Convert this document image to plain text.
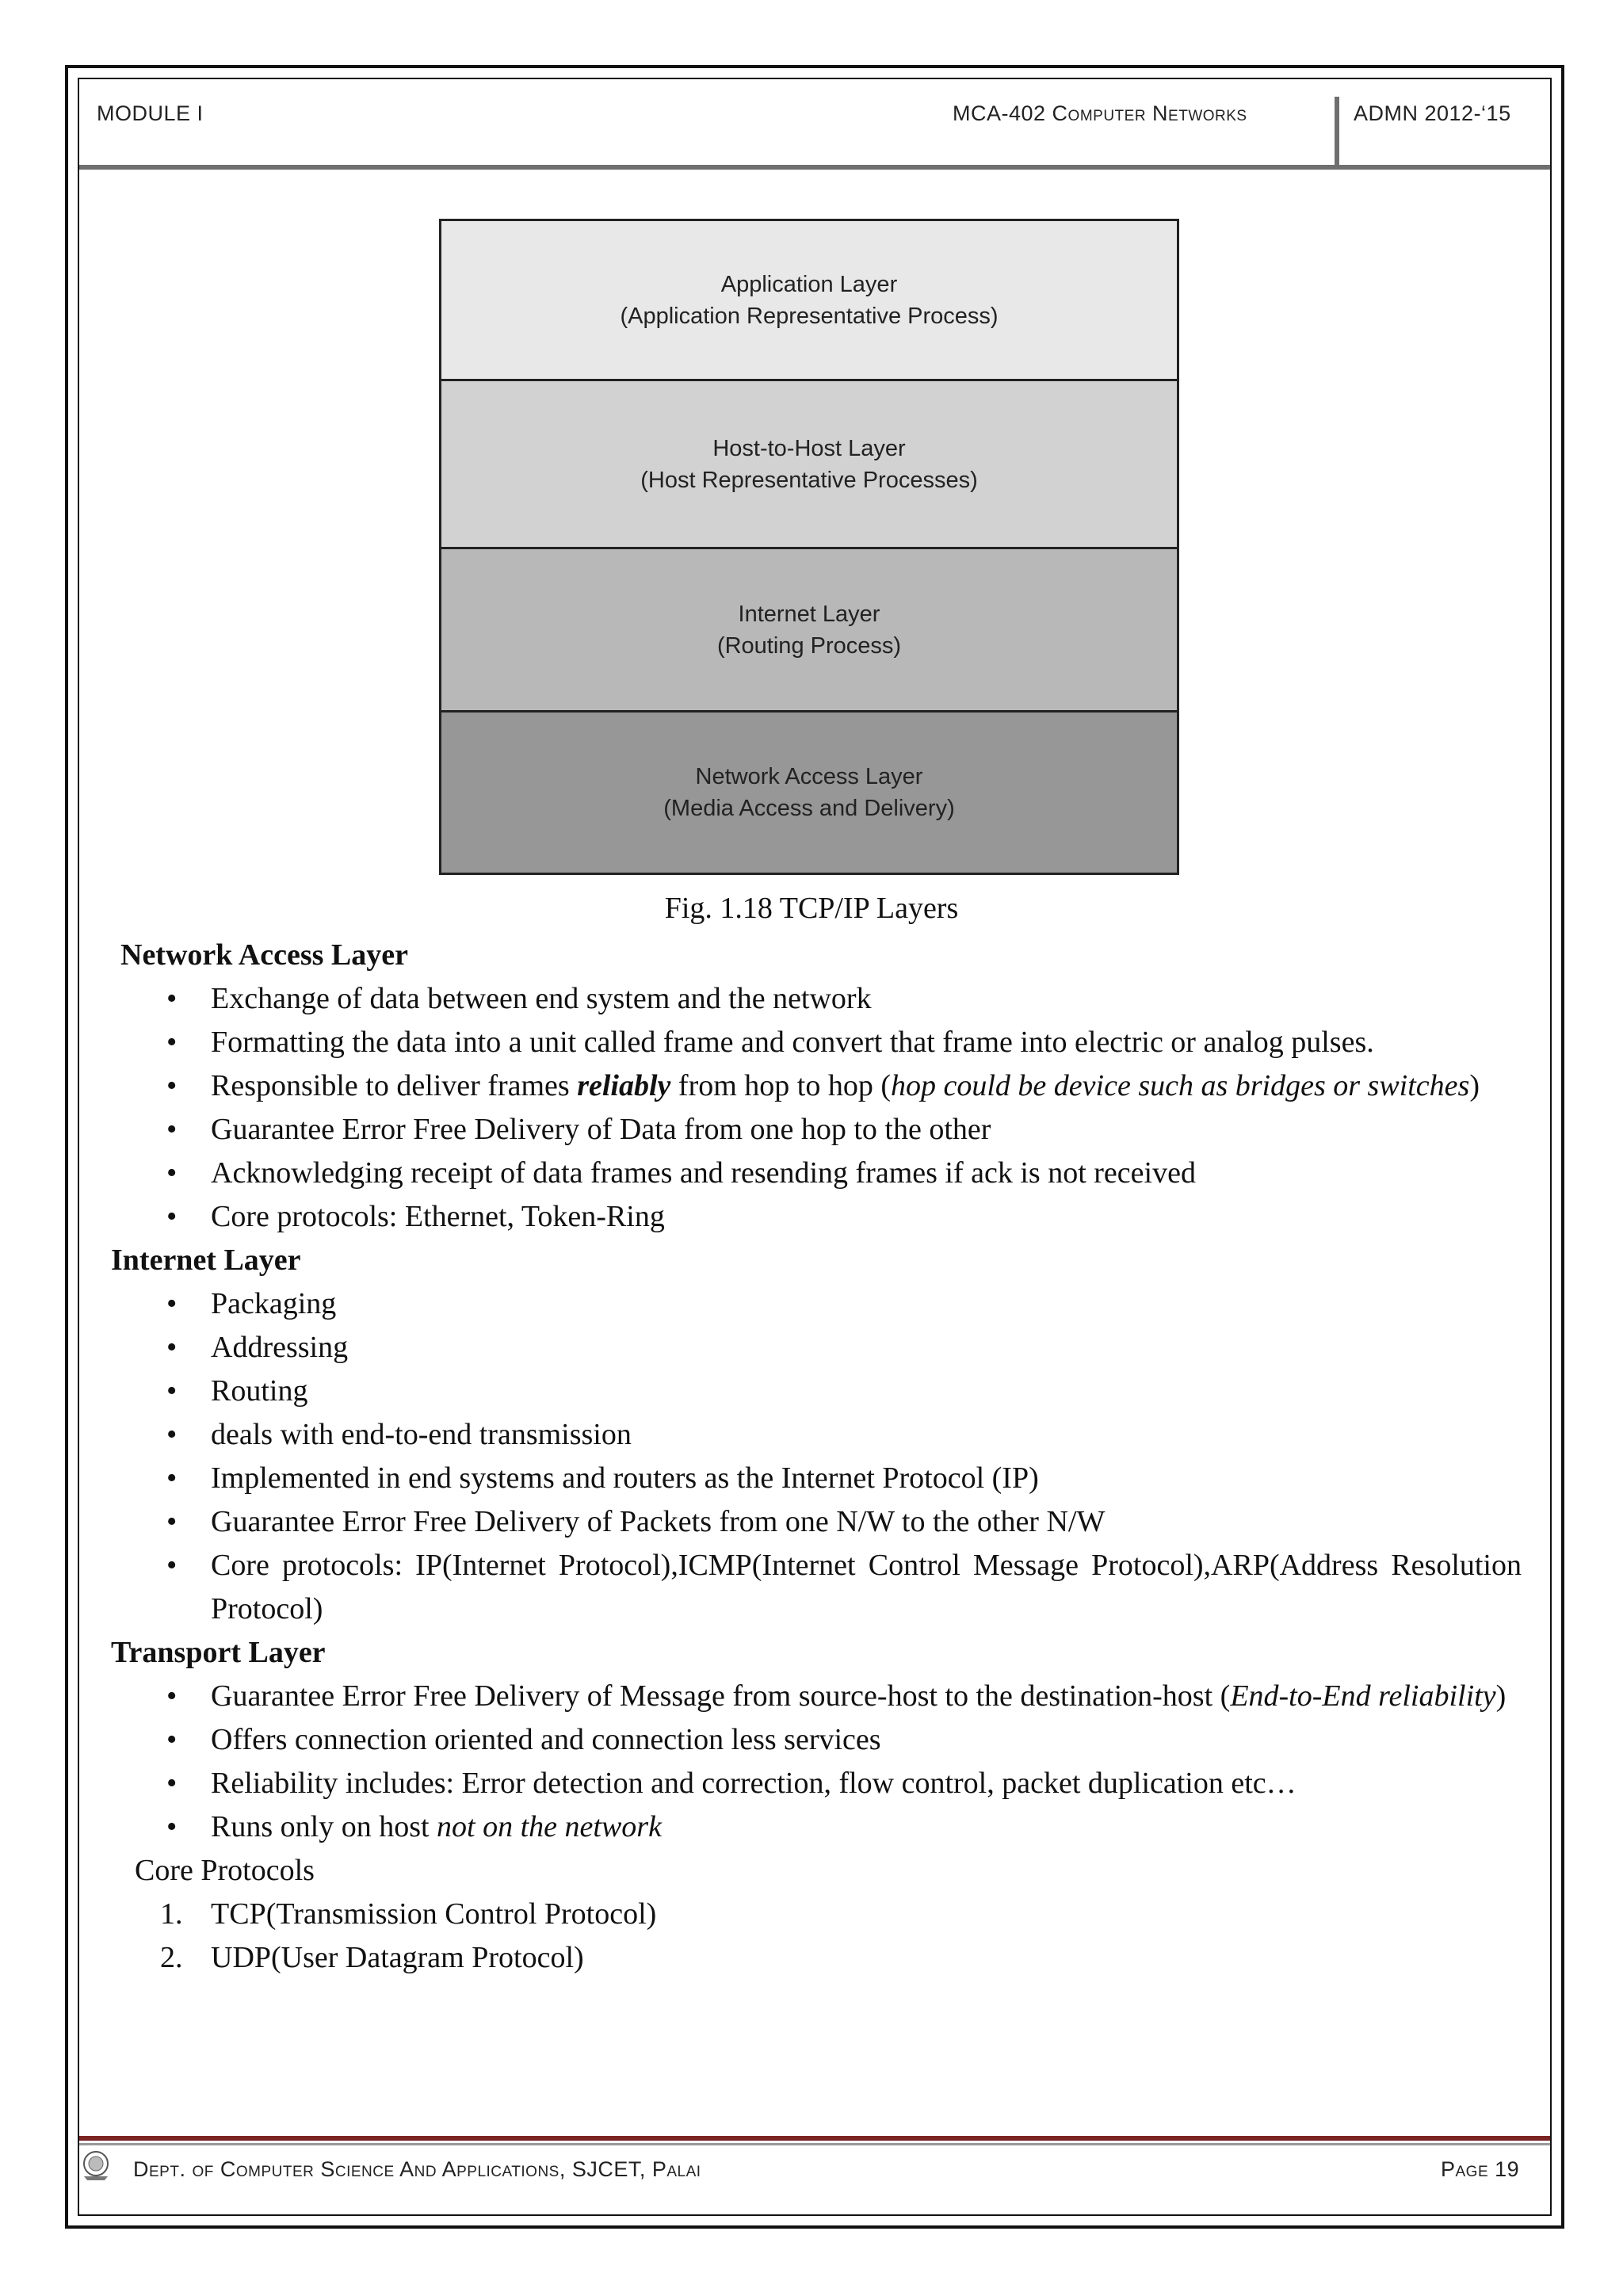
MODULE I	MCA-402 Computer Networks	ADMN 2012-‘15
Application Layer
(Application Representative Process)
Host-to-Host Layer
(Host Representative Processes)
Internet Layer
(Routing Process)
Network Access Layer
(Media Access and Delivery)
Fig. 1.18 TCP/IP Layers

Network Access Layer

• Exchange of data between end system and the network
• Formatting the data into a unit called frame and convert that frame into electric or analog pulses.
• Responsible to deliver frames reliably from hop to hop (hop could be device such as bridges or switches)
• Guarantee Error Free Delivery of Data from one hop to the other
• Acknowledging receipt of data frames and resending frames if ack is not received
• Core protocols: Ethernet, Token-Ring

Internet Layer

• Packaging
• Addressing
• Routing
• deals with end-to-end transmission
• Implemented in end systems and routers as the Internet Protocol (IP)
• Guarantee Error Free Delivery of Packets from one N/W to the other N/W
• Core protocols: IP(Internet Protocol),ICMP(Internet Control Message Protocol),ARP(Address Resolution Protocol)

Transport Layer

• Guarantee Error Free Delivery of Message from source-host to the destination-host (End-to-End reliability)
• Offers connection oriented and connection less services
• Reliability includes: Error detection and correction, flow control, packet duplication etc…
• Runs only on host not on the network

Core Protocols

1. TCP(Transmission Control Protocol)
2. UDP(User Datagram Protocol)
Dept. of Computer Science And Applications, SJCET, Palai	Page 19
